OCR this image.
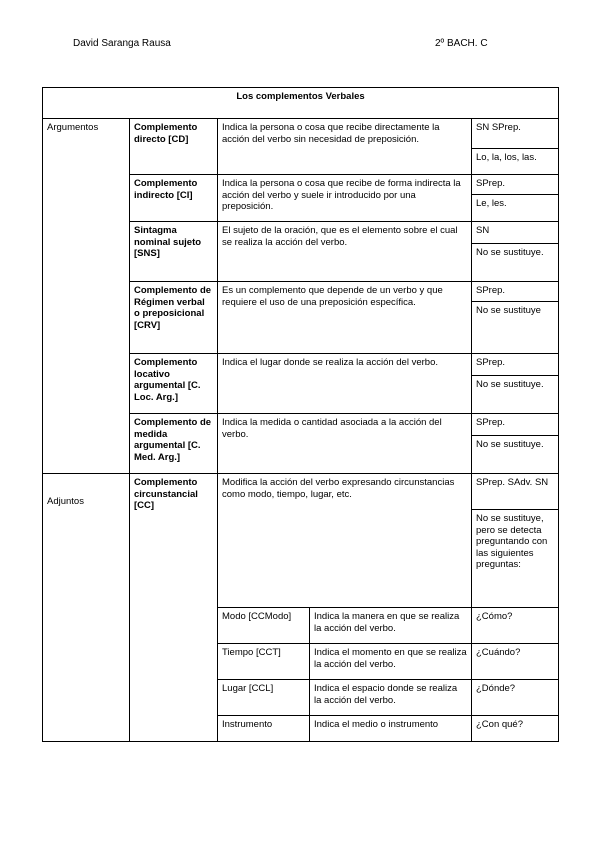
David Saranga Rausa	2º BACH. C
Los complementos Verbales				
Argumentos	Complemento directo [CD]	Indica la persona o cosa que recibe directamente la acción del verbo sin necesidad de preposición.		SN SPrep.
				Lo, la, los, las.
	Complemento indirecto [CI]	Indica la persona o cosa que recibe de forma indirecta la acción del verbo y suele ir introducido por una preposición.		SPrep.
				Le, les.
	Sintagma nominal sujeto [SNS]	El sujeto de la oración, que es el elemento sobre el cual se realiza la acción del verbo.		SN
				No se sustituye.
	Complemento de Régimen verbal o preposicional [CRV]	Es un complemento que depende de un verbo y que requiere el uso de una preposición específica.		SPrep.
				No se sustituye
	Complemento locativo argumental [C. Loc. Arg.]	Indica el lugar donde se realiza la acción del verbo.		SPrep.
				No se sustituye.
	Complemento de medida argumental [C. Med. Arg.]	Indica la medida o cantidad asociada a la acción del verbo.		SPrep.
				No se sustituye.
Adjuntos	Complemento circunstancial [CC]	Modifica la acción del verbo expresando circunstancias como modo, tiempo, lugar, etc.		SPrep. SAdv. SN
				No se sustituye, pero se detecta preguntando con las siguientes preguntas:
		Modo [CCModo]	Indica la manera en que se realiza la acción del verbo.	¿Cómo?
		Tiempo [CCT]	Indica el momento en que se realiza la acción del verbo.	¿Cuándo?
		Lugar [CCL]	Indica el espacio donde se realiza la acción del verbo.	¿Dónde?
		Instrumento	Indica el medio o instrumento	¿Con qué?
